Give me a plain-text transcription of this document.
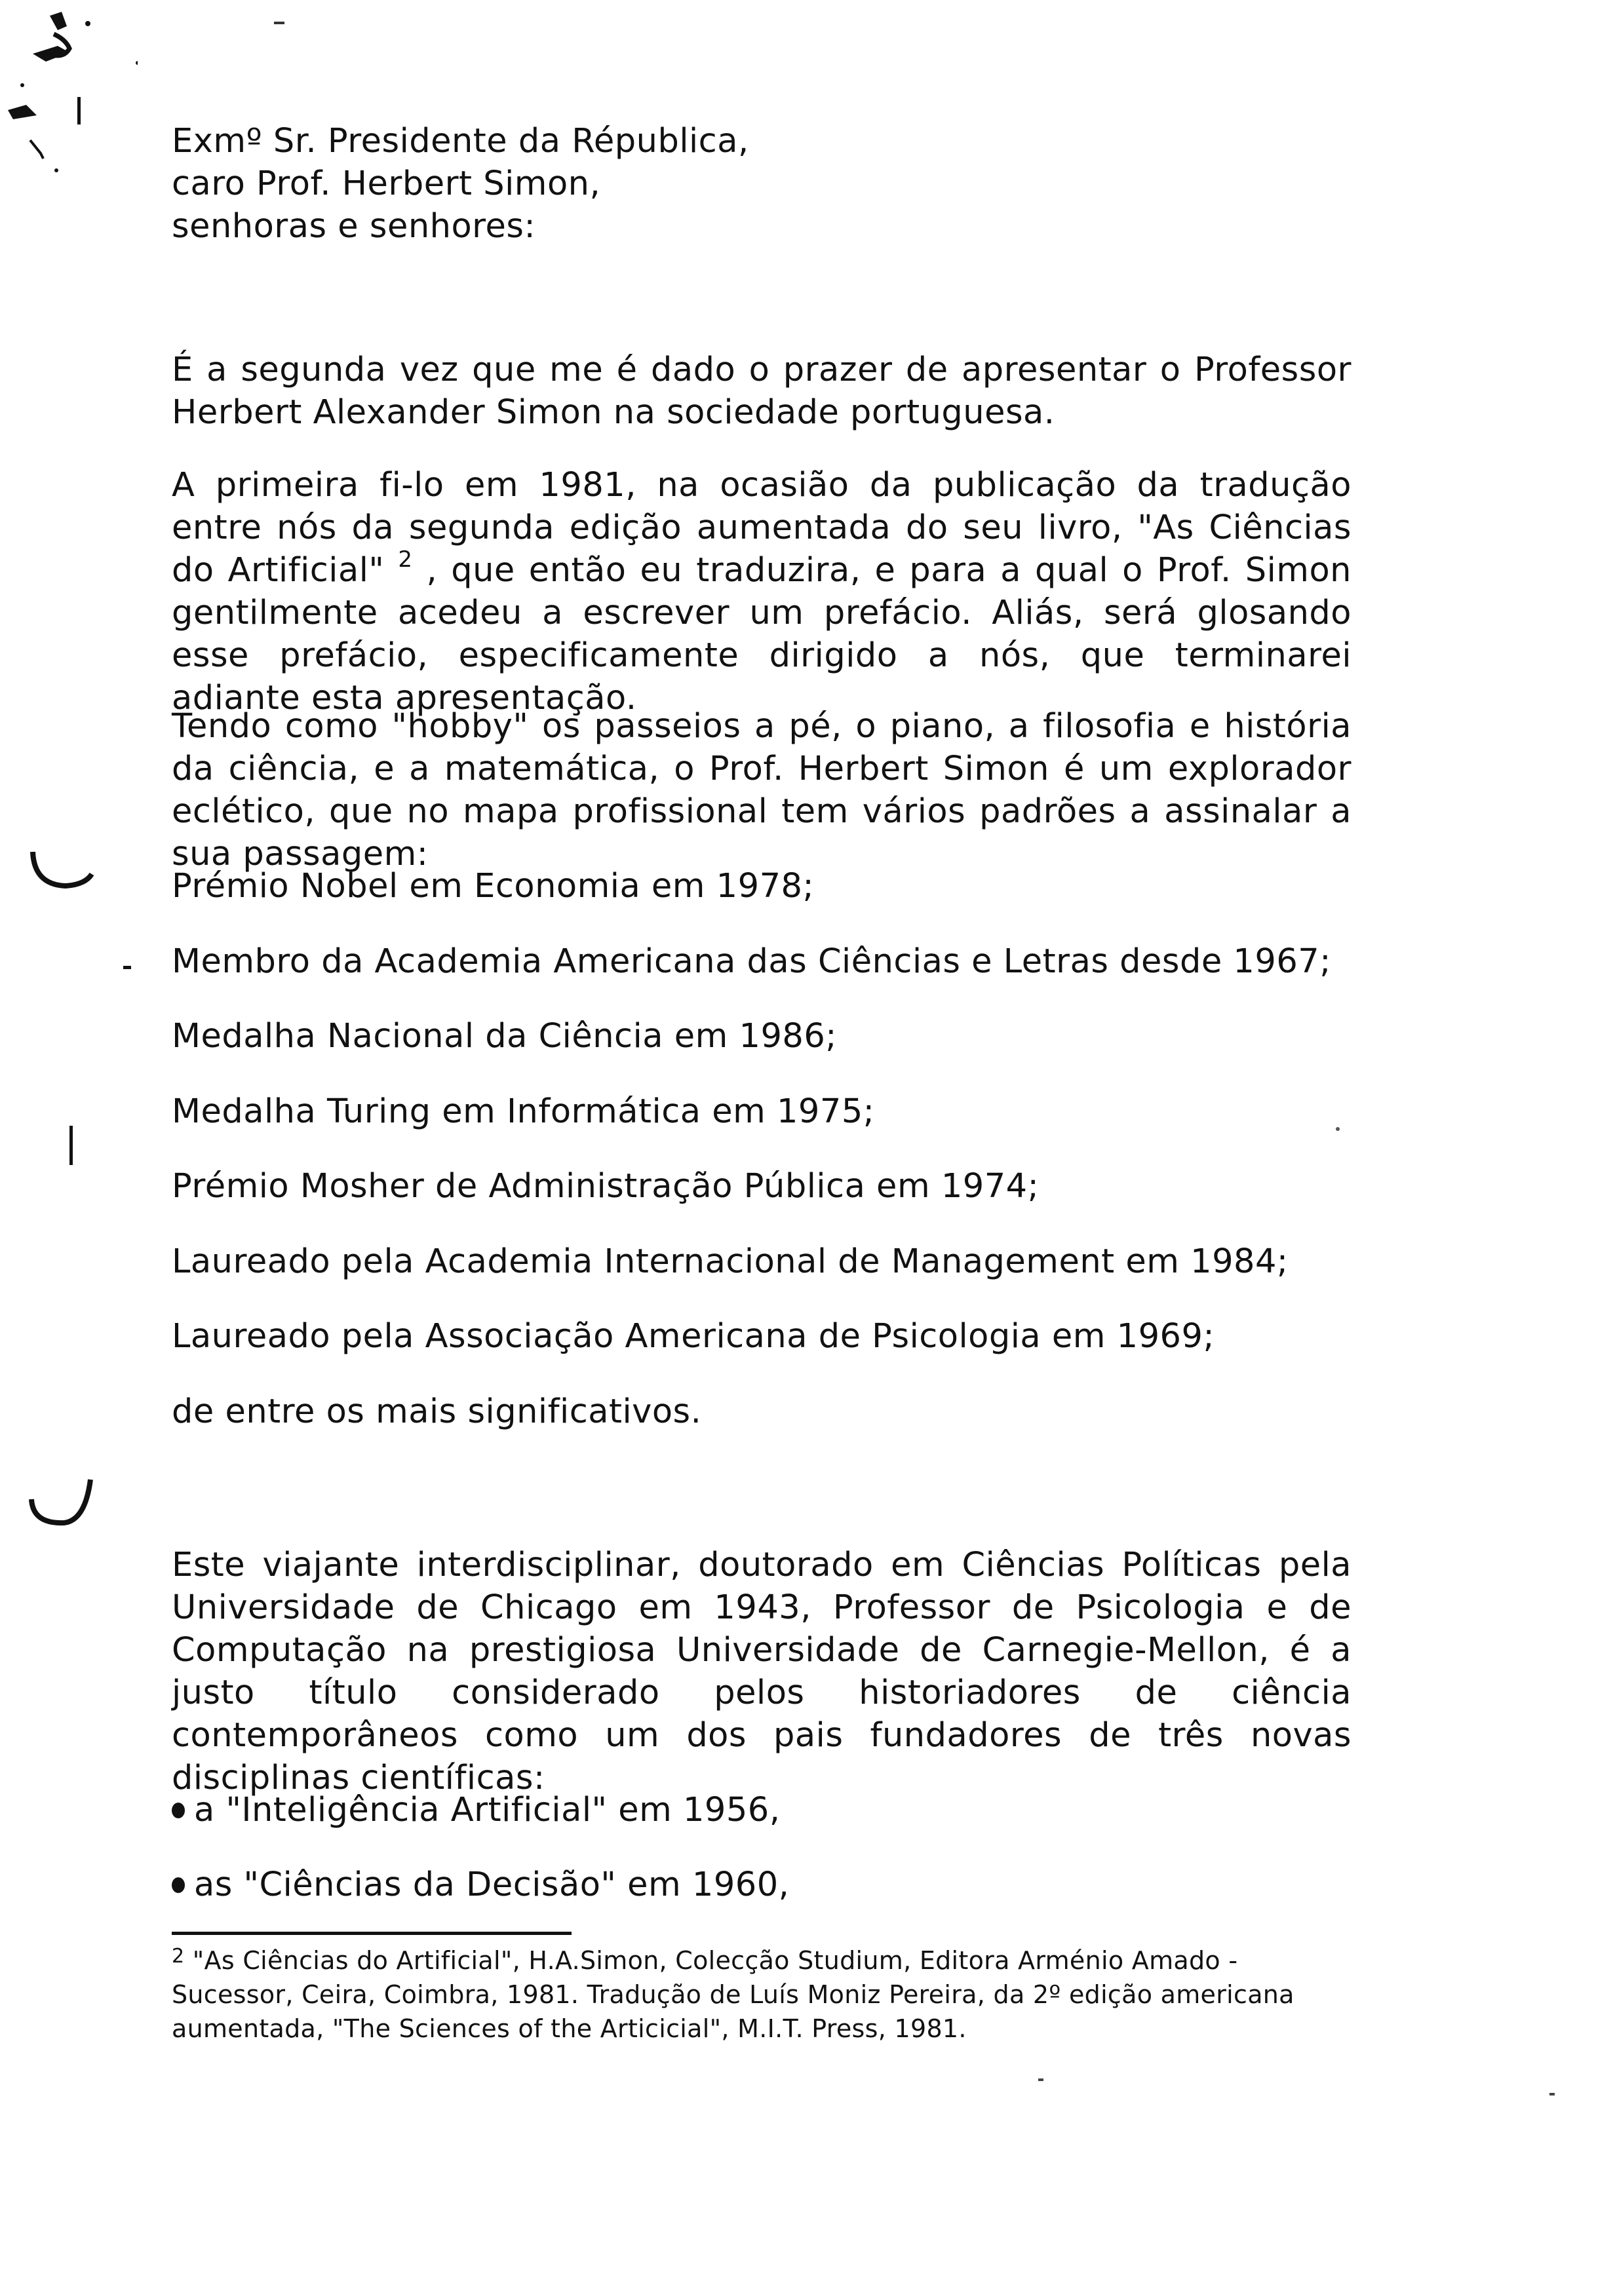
Exmº Sr. Presidente da Républica,
caro Prof. Herbert Simon,
senhoras e senhores:
É a segunda vez que me é dado o prazer de apresentar o Professor Herbert Alexander Simon na sociedade portuguesa.
A primeira fi-lo em 1981, na ocasião da publicação da tradução entre nós da segunda edição aumentada do seu livro, "As Ciências do Artificial" $^2$ , que então eu traduzira, e para a qual o Prof. Simon gentilmente acedeu a escrever um prefácio. Aliás, será glosando esse prefácio, especificamente dirigido a nós, que terminarei adiante esta apresentação.
Tendo como "hobby" os passeios a pé, o piano, a filosofia e história da ciência, e a matemática, o Prof. Herbert Simon é um explorador eclético, que no mapa profissional tem vários padrões a assinalar a sua passagem:
Prémio Nobel em Economia em 1978;
Membro da Academia Americana das Ciências e Letras desde 1967;
Medalha Nacional da Ciência em 1986;
Medalha Turing em Informática em 1975;
Prémio Mosher de Administração Pública em 1974;
Laureado pela Academia Internacional de Management em 1984;
Laureado pela Associação Americana de Psicologia em 1969;
de entre os mais significativos.
Este viajante interdisciplinar, doutorado em Ciências Políticas pela Universidade de Chicago em 1943, Professor de Psicologia e de Computação na prestigiosa Universidade de Carnegie-Mellon, é a justo título considerado pelos historiadores de ciência contemporâneos como um dos pais fundadores de três novas disciplinas científicas:
a "Inteligência Artificial" em 1956,
as "Ciências da Decisão" em 1960,
$^2$ "As Ciências do Artificial", H.A.Simon, Colecção Studium, Editora Arménio Amado - Sucessor, Ceira, Coimbra, 1981. Tradução de Luís Moniz Pereira, da 2º edição americana aumentada, "The Sciences of the Articicial", M.I.T. Press, 1981.
